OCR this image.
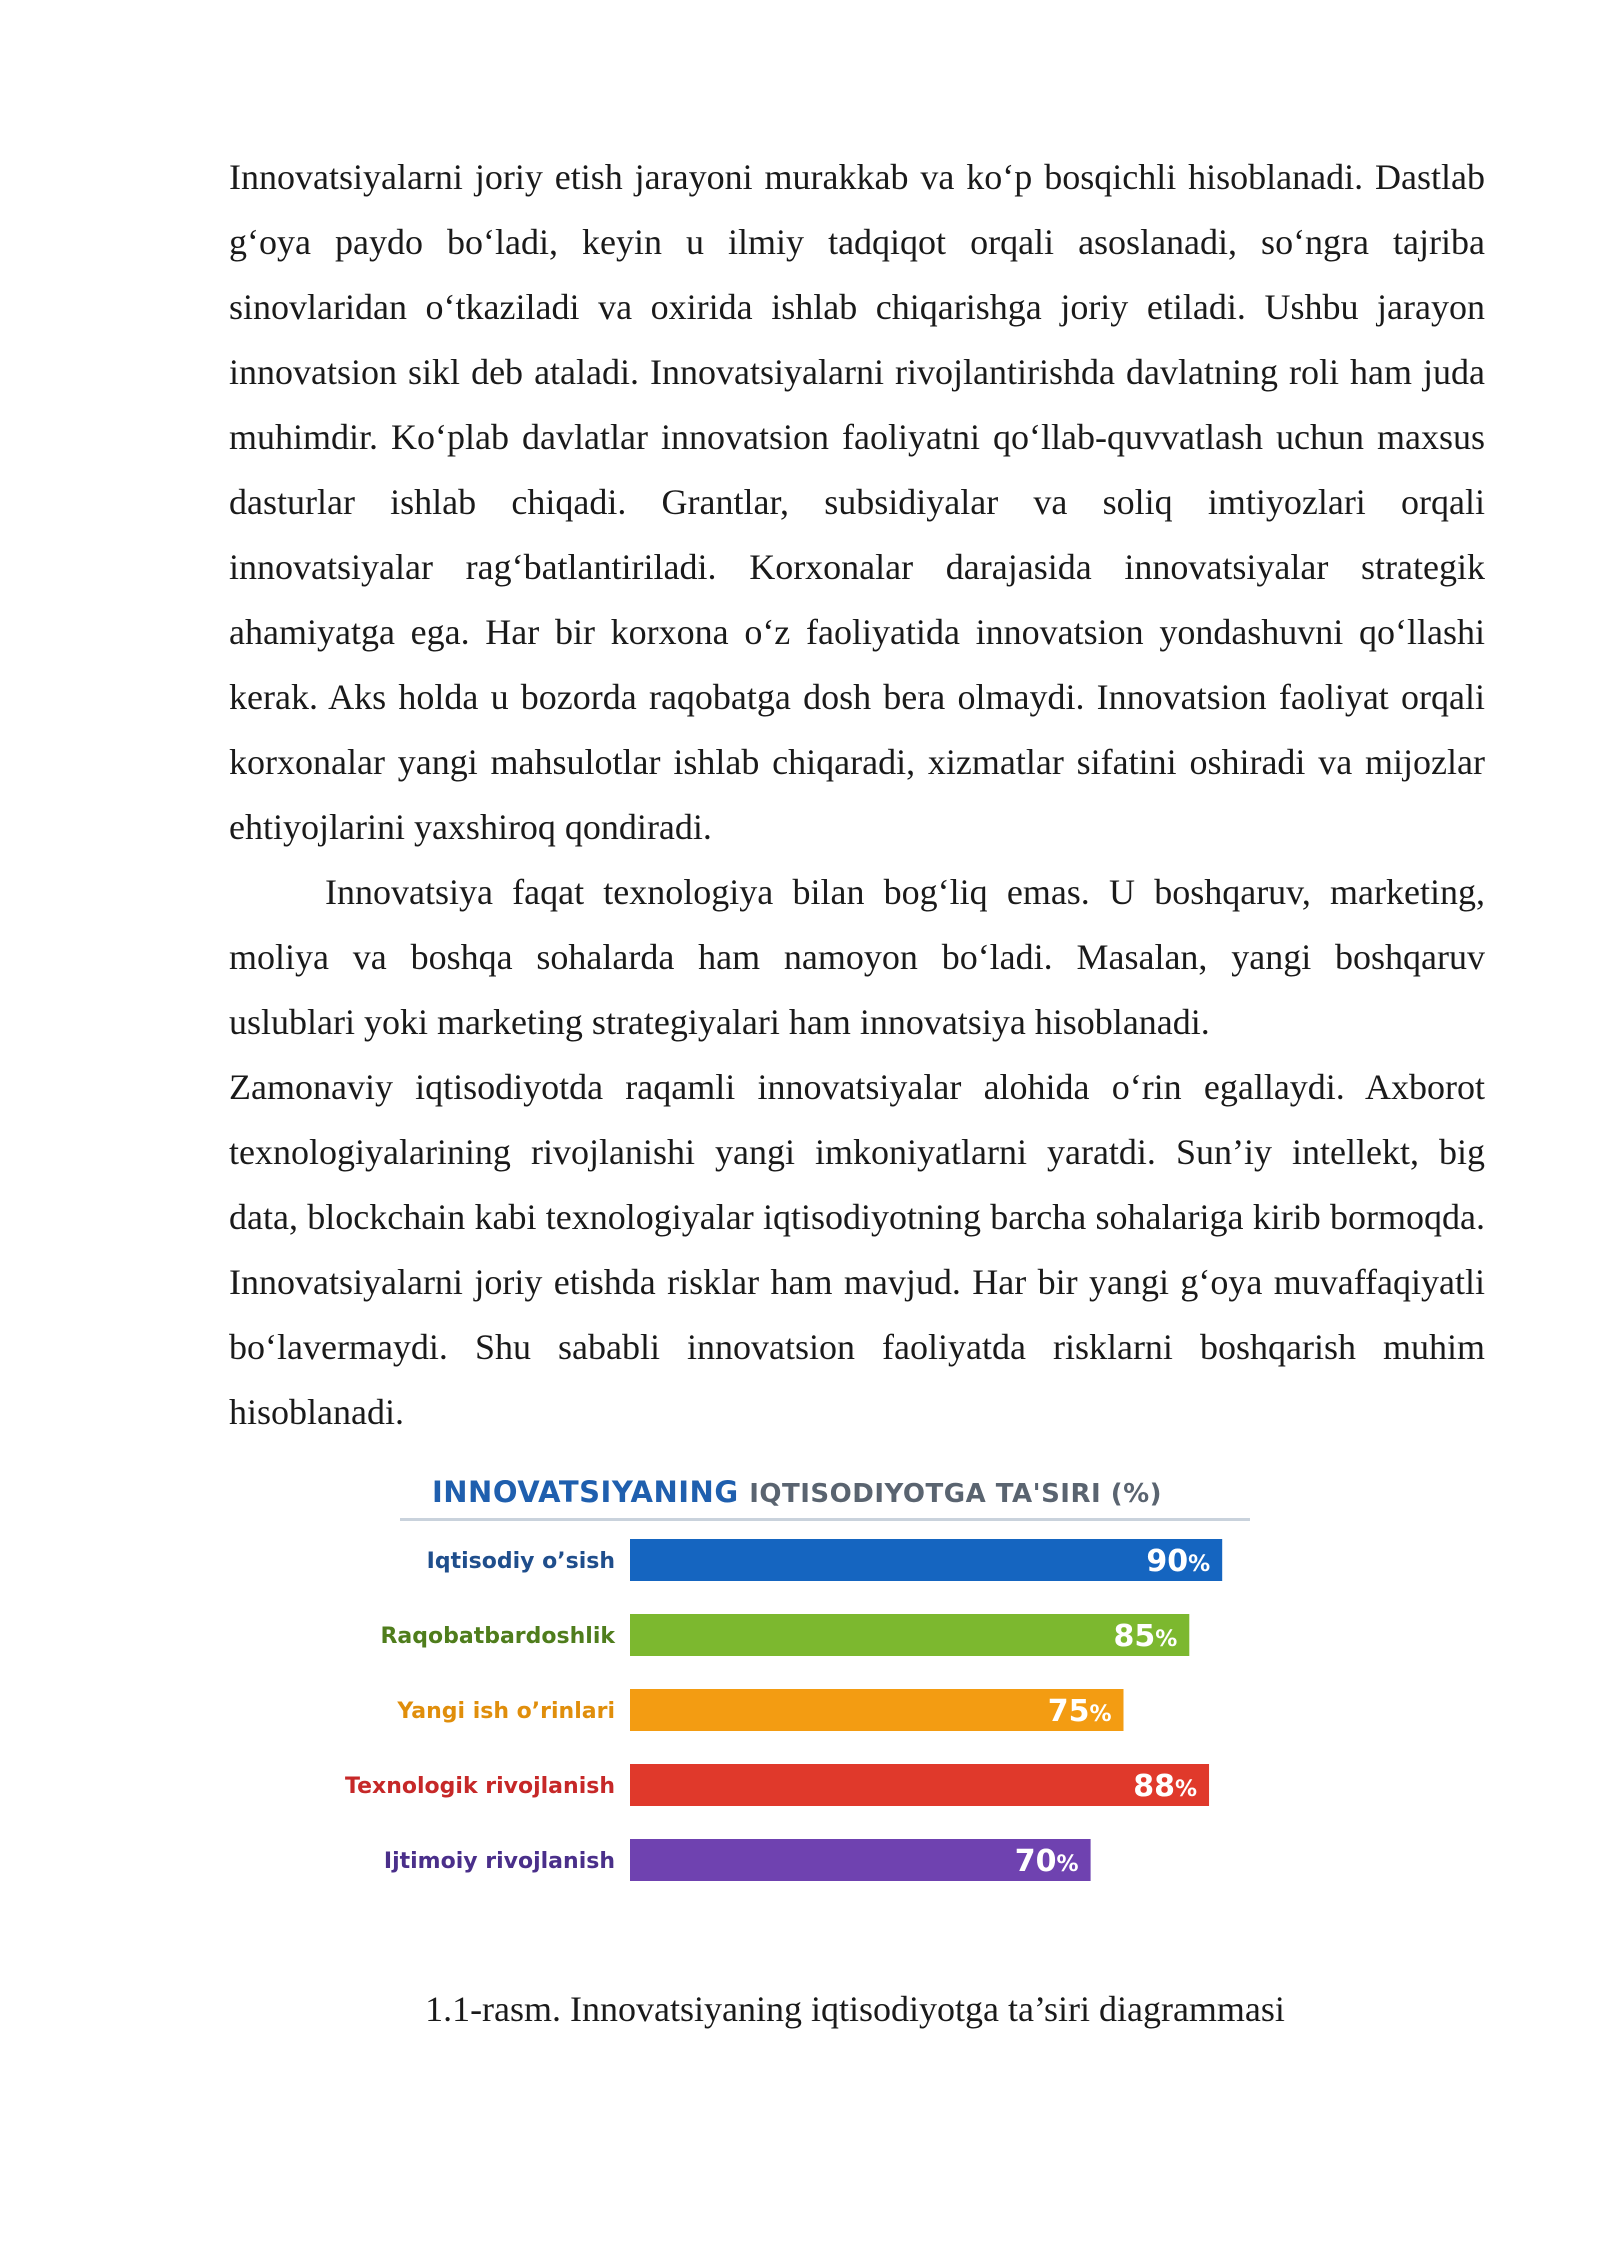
Innovatsiyalarni joriy etish jarayoni murakkab va ko‘p bosqichli hisoblanadi. Dastlab g‘oya paydo bo‘ladi, keyin u ilmiy tadqiqot orqali asoslanadi, so‘ngra tajriba sinovlaridan o‘tkaziladi va oxirida ishlab chiqarishga joriy etiladi. Ushbu jarayon innovatsion sikl deb ataladi. Innovatsiyalarni rivojlantirishda davlatning roli ham juda muhimdir. Ko‘plab davlatlar innovatsion faoliyatni qo‘llab-quvvatlash uchun maxsus dasturlar ishlab chiqadi. Grantlar, subsidiyalar va soliq imtiyozlari orqali innovatsiyalar rag‘batlantiriladi. Korxonalar darajasida innovatsiyalar strategik ahamiyatga ega. Har bir korxona o‘z faoliyatida innovatsion yondashuvni qo‘llashi kerak. Aks holda u bozorda raqobatga dosh bera olmaydi. Innovatsion faoliyat orqali korxonalar yangi mahsulotlar ishlab chiqaradi, xizmatlar sifatini oshiradi va mijozlar ehtiyojlarini yaxshiroq qondiradi.

Innovatsiya faqat texnologiya bilan bog‘liq emas. U boshqaruv, marketing, moliya va boshqa sohalarda ham namoyon bo‘ladi. Masalan, yangi boshqaruv uslublari yoki marketing strategiyalari ham innovatsiya hisoblanadi.

Zamonaviy iqtisodiyotda raqamli innovatsiyalar alohida o‘rin egallaydi. Axborot texnologiyalarining rivojlanishi yangi imkoniyatlarni yaratdi. Sun’iy intellekt, big data, blockchain kabi texnologiyalar iqtisodiyotning barcha sohalariga kirib bormoqda. Innovatsiyalarni joriy etishda risklar ham mavjud. Har bir yangi g‘oya muvaffaqiyatli bo‘lavermaydi. Shu sababli innovatsion faoliyatda risklarni boshqarish muhim hisoblanadi.

INNOVATSIYANING IQTISODIYOTGA TA'SIRI (%)
Iqtisodiy o’sish	90%
Raqobatbardoshlik	85%
Yangi ish o’rinlari	75%
Texnologik rivojlanish	88%
Ijtimoiy rivojlanish	70%
1.1-rasm. Innovatsiyaning iqtisodiyotga ta’siri diagrammasi
